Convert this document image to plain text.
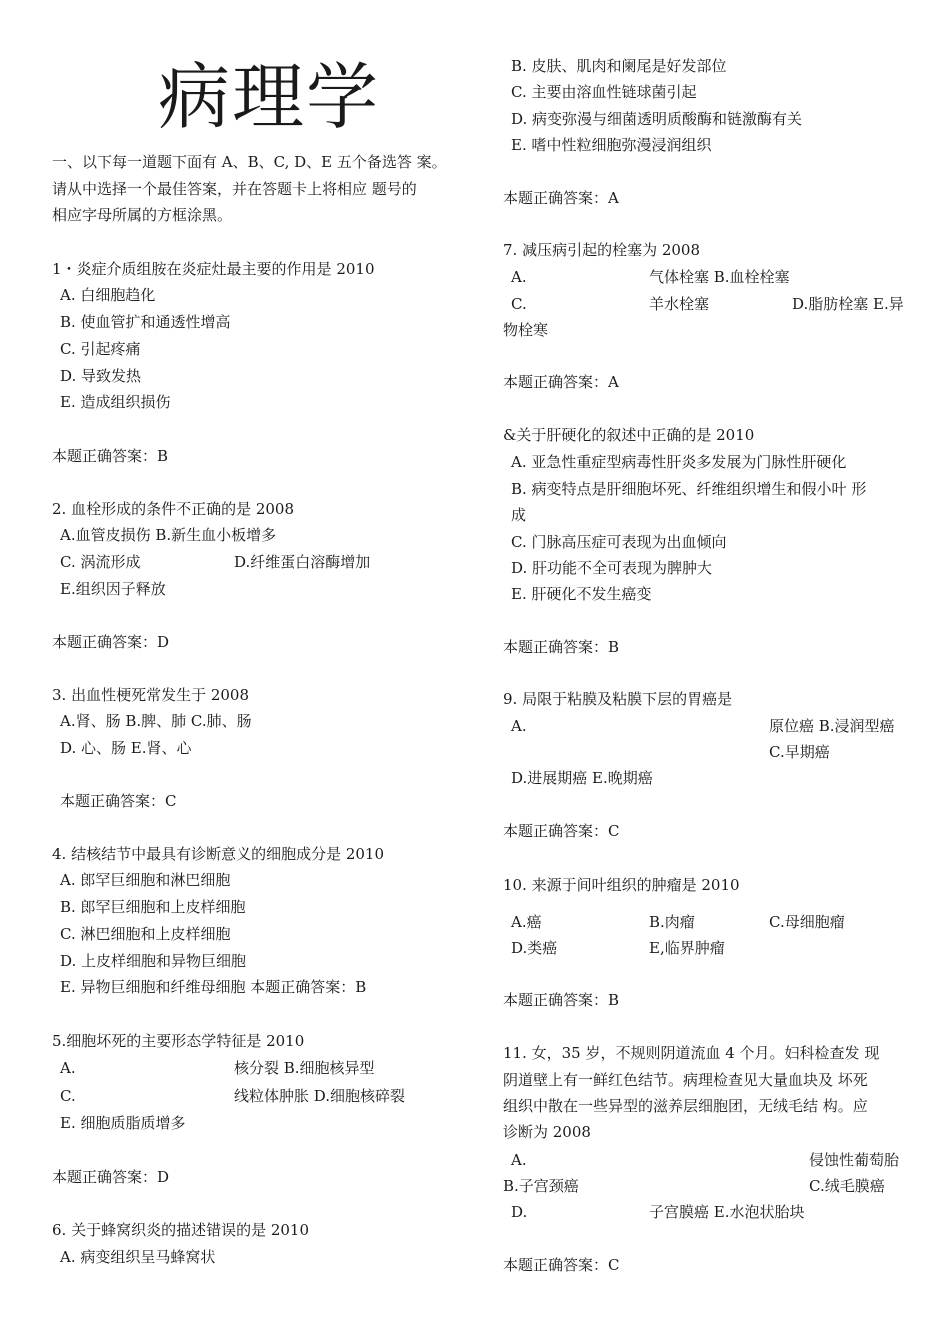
病理学
一、以下每一道题下面有 A、B、C, D、E 五个备选答 案。
请从中选择一个最佳答案，并在答题卡上将相应 题号的
相应字母所属的方框涂黑。
1・炎症介质组胺在炎症灶最主要的作用是 2010
A. 白细胞趋化
B. 使血管扩和通透性增高
C. 引起疼痛
D. 导致发热
E. 造成组织损伤
本题正确答案：B
2. 血栓形成的条件不正确的是 2008
A.血管皮损伤 B.新生血小板增多
C. 涡流形成	D.纤维蛋白溶酶增加
E.组织因子释放
本题正确答案：D
3. 出血性梗死常发生于 2008
A.肾、肠 B.脾、肺 C.肺、肠
D. 心、肠 E.肾、心
本题正确答案：C
4. 结核结节中最具有诊断意义的细胞成分是 2010
A. 郎罕巨细胞和淋巴细胞
B. 郎罕巨细胞和上皮样细胞
C. 淋巴细胞和上皮样细胞
D. 上皮样细胞和异物巨细胞
E. 异物巨细胞和纤维母细胞 本题正确答案：B
5.细胞坏死的主要形态学特征是 2010
A.	核分裂 B.细胞核异型
C.	线粒体肿胀 D.细胞核碎裂
E. 细胞质脂质增多
本题正确答案：D
6. 关于蜂窝织炎的描述错误的是 2010
A. 病变组织呈马蜂窝状
B. 皮肤、肌肉和阑尾是好发部位
C. 主要由溶血性链球菌引起
D. 病变弥漫与细菌透明质酸酶和链激酶有关
E. 嗜中性粒细胞弥漫浸润组织
本题正确答案：A
7. 减压病引起的栓塞为 2008
A.	气体栓塞 B.血栓栓塞
C.	羊水栓塞	D.脂肪栓塞 E.异
物栓寒
本题正确答案：A
&关于肝硬化的叙述中正确的是 2010
A. 亚急性重症型病毒性肝炎多发展为门脉性肝硬化
B. 病变特点是肝细胞坏死、纤维组织增生和假小叶 形
成
C. 门脉高压症可表现为出血倾向
D. 肝功能不全可表现为脾肿大
E. 肝硬化不发生癌变
本题正确答案：B
9. 局限于粘膜及粘膜下层的胃癌是
A.	原位癌 B.浸润型癌
C.早期癌
D.进展期癌 E.晚期癌
本题正确答案：C
10. 来源于间叶组织的肿瘤是 2010
A.癌	B.肉瘤	C.母细胞瘤
D.类癌	E,临界肿瘤
本题正确答案：B
11. 女，35 岁，不规则阴道流血 4 个月。妇科检查发 现
阴道壁上有一鲜红色结节。病理检查见大量血块及 坏死
组织中散在一些异型的滋养层细胞团，无绒毛结 构。应
诊断为 2008
A.	侵蚀性葡萄胎
B.子宫颈癌	C.绒毛膜癌
D.	子宫膜癌 E.水泡状胎块
本题正确答案：C
